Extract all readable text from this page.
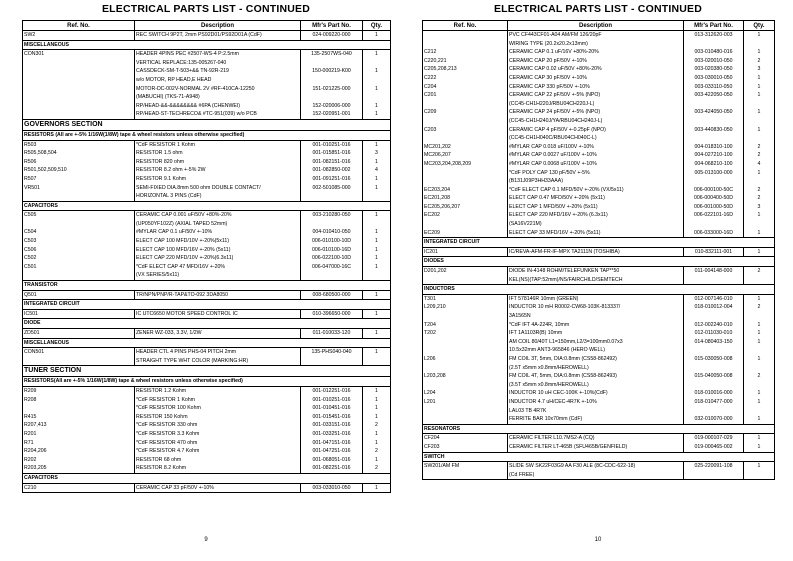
ELECTRICAL PARTS LIST - CONTINUED
Ref. No.	Description	Mfr's Part No.	Qty.
SW2	REC SWITCH 9P2T, 2mm PS92D01/PS92D01A (CdF)	024-009220-000	1
MISCELLANEOUS			
CON301	HEADER 4PINS PEC #2507-WS-4 P:2.5mm	135-2507WS-040	1
	VERTICAL REPLACE:135-005267-040		
	CASSDECK-SM-T-503+&& TN-92R-219	150-000219-K00	1
	w/o MOTOR, RP HEAD,E HEAD		
	MOTOR-DC-002V-NORMAL 2V #RF-410CA-12250	151-021225-000	1
	(MABUCHI) (TKS-71-A948)		
	RP/HEAD-&&-&&&&&&&& #6PA (CHENWEI)	152-020006-000	1
	RP/HEAD-ST-TECHRECO& #TC-951(039) w/o PCB	152-020951-001	1
GOVERNORS SECTION			
RESISTORS (All are +-5% 1/16W(1/8W) tape & wheel resistors unless otherwise specified)			
R503	*CdF RESISTOR 1 Kohm	001-010251-016	1
R505,508,504	RESISTOR 1.5 ohm	001-015851-016	3
R506	RESISTOR 820 ohm	001-082151-016	1
R501,502,509,510	RESISTOR 8.2 ohm +-5% 2W	001-082850-002	4
R507	RESISTOR 9.1 Kohm	001-091251-016	1
VR501	SEMI-FIXED DIA.8mm 500 ohm DOUBLE CONTACT/	002-501085-000	1
	HORIZONTAL 3 PINS (CdF)		
CAPACITORS			
C505	CERAMIC CAP 0.001 uF/50V +80%-20%	003-210280-050	1
	(UP050YF102Z) (AXIAL TAPED 52mm)		
C504	#MYLAR CAP 0.1 uF/50V +-10%	004-010410-050	1
C503	ELECT CAP 100 MFD/10V +-20%(5x11)	006-010100-10D	1
C506	ELECT CAP 100 MFD/16V +-20% (5x11)	006-010100-16D	1
C502	ELECT CAP 220 MFD/10V +-20%(6.3x11)	006-022100-10D	1
C501	*CdF ELECT CAP 47 MFD/16V +-20%	006-047000-16C	1
	(VX SERIES/5x11)		
TRANSISTOR			
Q501	TR/NPN/PNP/R-TAP&TO-092 3DA8050	008-680500-000	1
INTEGRATED CIRCUIT			
IC501	IC UTC6650 MOTOR SPEED CONTROL IC	010-396650-000	1
DIODE			
ZD501	ZENER WZ-033, 3.3V, 1/2W	011-010033-120	1
MISCELLANEOUS			
CON501	HEADER CTL 4 PINS PHS-04 PITCH 2mm	135-PHS040-040	1
	STRAIGHT TYPE WHT COLOR (MARKING:HR)		
TUNER SECTION			
RESISTORS(All are +-5% 1/16W(1/8W) tape & wheel resistors unless otherwise specified)			
R209	RESISTOR 1.2 Kohm	001-012251-016	1
R208	*CdF RESISTOR 1 Kohm	001-010251-016	1
	*CdF RESISTOR 100 Kohm	001-010451-016	1
R415	RESISTOR 150 Kohm	001-015451-016	1
R207,413	*CdF RESISTOR 330 ohm	001-033151-016	2
R201	*CdF RESISTOR 3.3 Kohm	001-033251-016	1
R71	*CdF RESISTOR 470 ohm	001-047151-016	1
R204,206	*CdF RESISTOR 4.7 Kohm	001-047251-016	2
R202	RESISTOR 68 ohm	001-068051-016	1
R203,205	RESISTOR 8.2 Kohm	001-082251-016	2
CAPACITORS			
C210	CERAMIC CAP 33 pF/50V +-10%	003-033010-050	1
9
ELECTRICAL PARTS LIST - CONTINUED
Ref. No.	Description	Mfr's Part No.	Qty.
	PVC CF443CF01-A04 AM/FM 126/20pF	013-312620-003	1
	WIRING TYPE (20.2x20.2x13mm)		
C212	CERAMIC CAP 0.1 uF/16V +80%-20%	003-010480-016	1
C220,221	CERAMIC CAP 20 pF/50V +-10%	003-020010-050	2
C205,208,213	CERAMIC CAP 0.02 uF/50V +80%-20%	003-020380-050	3
C222	CERAMIC CAP 30 pF/50V +-10%	003-030010-050	1
C204	CERAMIC CAP 330 pF/50V +-10%	003-033110-050	1
C201	CERAMIC CAP 22 pF/50V +-5% (NPO)	003-422050-050	1
	(CC45-CH1H220J/RBU04CH220J-L)		
C209	CERAMIC CAP 24 pF/50V +-5% (NPO)	003-424050-050	1
	(CC45-CH1H240J/YA/RBU04CH240J-L)		
C203	CERAMIC CAP 4 pF/50V +-0.25pF (NPO)	003-440830-050	1
	(CC45-CH1H040C/RBU04CH040C-L)		
MC201,202	#MYLAR CAP 0.018 uF/100V +-10%	004-018310-100	2
MC206,207	#MYLAR CAP 0.0027 uF/100V +-10%	004-027210-100	2
MC203,204,208,209	#MYLAR CAP 0.0068 uF/100V +-10%	004-068210-100	4
	*CdF POLY CAP 130 pF/50V +-5%	005-013100-000	1
	(B131J09P3HH33AAA)		
EC203,204	*CdF ELECT CAP 0.1 MFD/50V +-20% (VX/5x11)	006-000100-50C	2
EC201,208	ELECT CAP 0.47 MFD/50V +-20% (5x11)	006-000400-50D	2
EC205,206,207	ELECT CAP 1 MFD/50V +-20% (5x11)	006-001000-50D	3
EC202	ELECT CAP 220 MFD/16V +-20% (6.3x11)	006-022101-16D	1
	(SA16V221M)		
EC209	ELECT CAP 33 MFD/16V +-20% (5x11)	006-033000-16D	1
INTEGRATED CIRCUIT			
IC201	IC/REVA-AFM-FR-IF-MPX TA2111N (TOSHIBA)	010-832111-001	1
DIODES			
D201,202	DIODE IN-4148 ROHM/TELEFUNKEN TAP**50	011-004148-000	2
	KEL(NS)(TAP:52mm)/NS/FAIRCHILD/SEMTECH		
INDUCTORS			
T301	IFT 578146R 10mm (GREEN)	012-007146-010	1
L209,210	INDUCTOR 10 mH R0002-CW68-103K-813337/	018-010012-004	2
	3A1565N		
T204	*CdF IFT 4A-224R, 10mm	012-002240-010	1
T202	IFT 1A1103R(B) 10mm	012-011030-010	1
	AM COIL 80/40T L1=150mm,L2/3=100mm0.07x3	014-080403-150	1
	10.5x32mm ANT3-965846 (HERO WELL)		
L206	FM COIL 3T, 5mm, DIA:0.8mm (CS58-862492)	015-030050-008	1
	(2.5T x5mm x0.8mm/HEROWELL)		
L203,208	FM COIL 4T, 5mm, DIA:0.8mm (CS58-862493)	015-040050-008	2
	(3.5T x5mm x0.8mm/HEROWELL)		
L204	INDUCTOR 10 uH CEC-100K +-10%(CdF)	018-010016-000	1
L201	INDUCTOR 4.7 uH/CEC-4R7K +-10%	018-010477-000	1
	LAL03 TB 4R7K		
	FERRITE BAR 10x70mm (CdF)	032-010070-000	1
RESONATORS			
CF204	CERAMIC FILTER L10.7MS2-A (CQ)	019-000107-029	1
CF203	CERAMIC FILTER LT-465B (SFU465B/GENFIELD)	019-000465-002	1
SWITCH			
SW201/AM FM	SLIDE SW SK22F03G9 AA F30 ALE (8C-CDC-622-18)	025-220091-108	1
	(Cd FREE)		
10
